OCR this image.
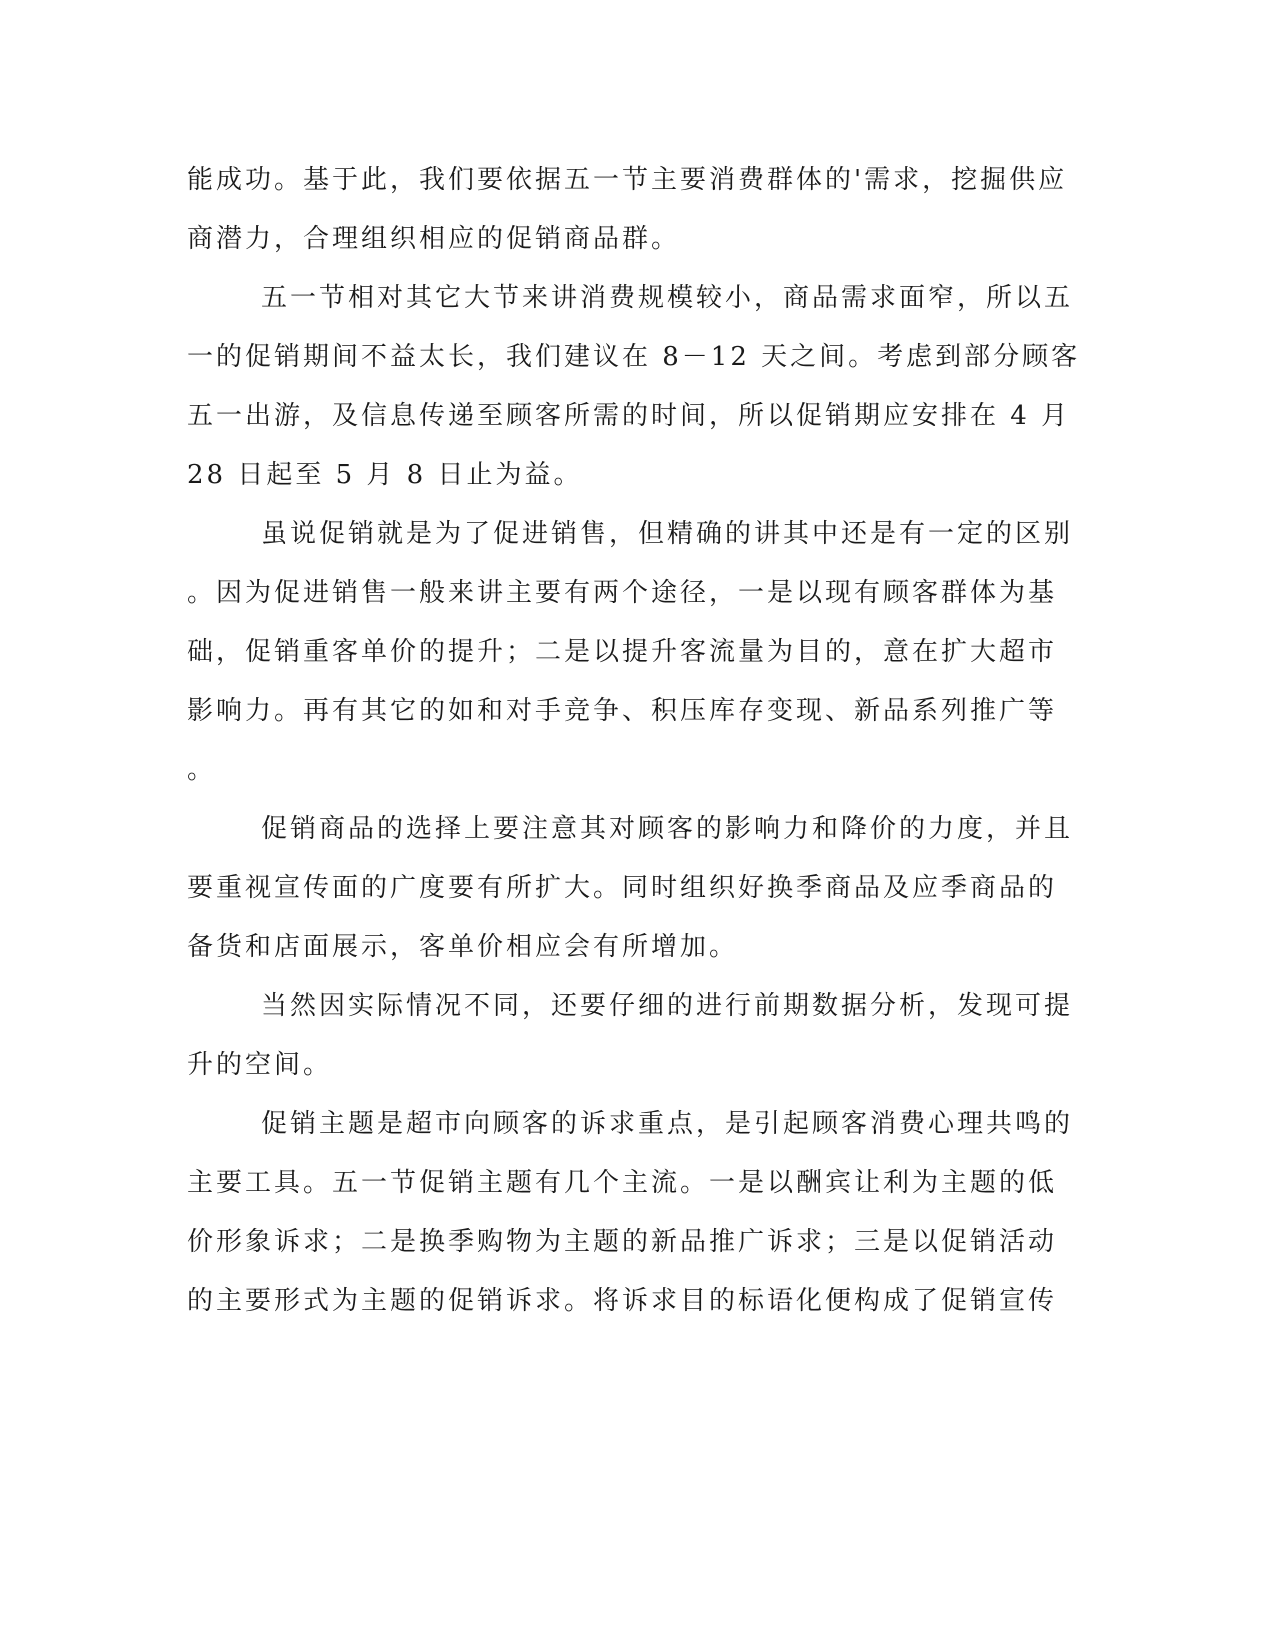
能成功。基于此，我们要依据五一节主要消费群体的'需求，挖掘供应
商潜力，合理组织相应的促销商品群。
五一节相对其它大节来讲消费规模较小，商品需求面窄，所以五
一的促销期间不益太长，我们建议在 8－12 天之间。考虑到部分顾客
五一出游，及信息传递至顾客所需的时间，所以促销期应安排在 4 月
28 日起至 5 月 8 日止为益。
虽说促销就是为了促进销售，但精确的讲其中还是有一定的区别
。因为促进销售一般来讲主要有两个途径，一是以现有顾客群体为基
础，促销重客单价的提升；二是以提升客流量为目的，意在扩大超市
影响力。再有其它的如和对手竞争、积压库存变现、新品系列推广等
。
促销商品的选择上要注意其对顾客的影响力和降价的力度，并且
要重视宣传面的广度要有所扩大。同时组织好换季商品及应季商品的
备货和店面展示，客单价相应会有所增加。
当然因实际情况不同，还要仔细的进行前期数据分析，发现可提
升的空间。
促销主题是超市向顾客的诉求重点，是引起顾客消费心理共鸣的
主要工具。五一节促销主题有几个主流。一是以酬宾让利为主题的低
价形象诉求；二是换季购物为主题的新品推广诉求；三是以促销活动
的主要形式为主题的促销诉求。将诉求目的标语化便构成了促销宣传
